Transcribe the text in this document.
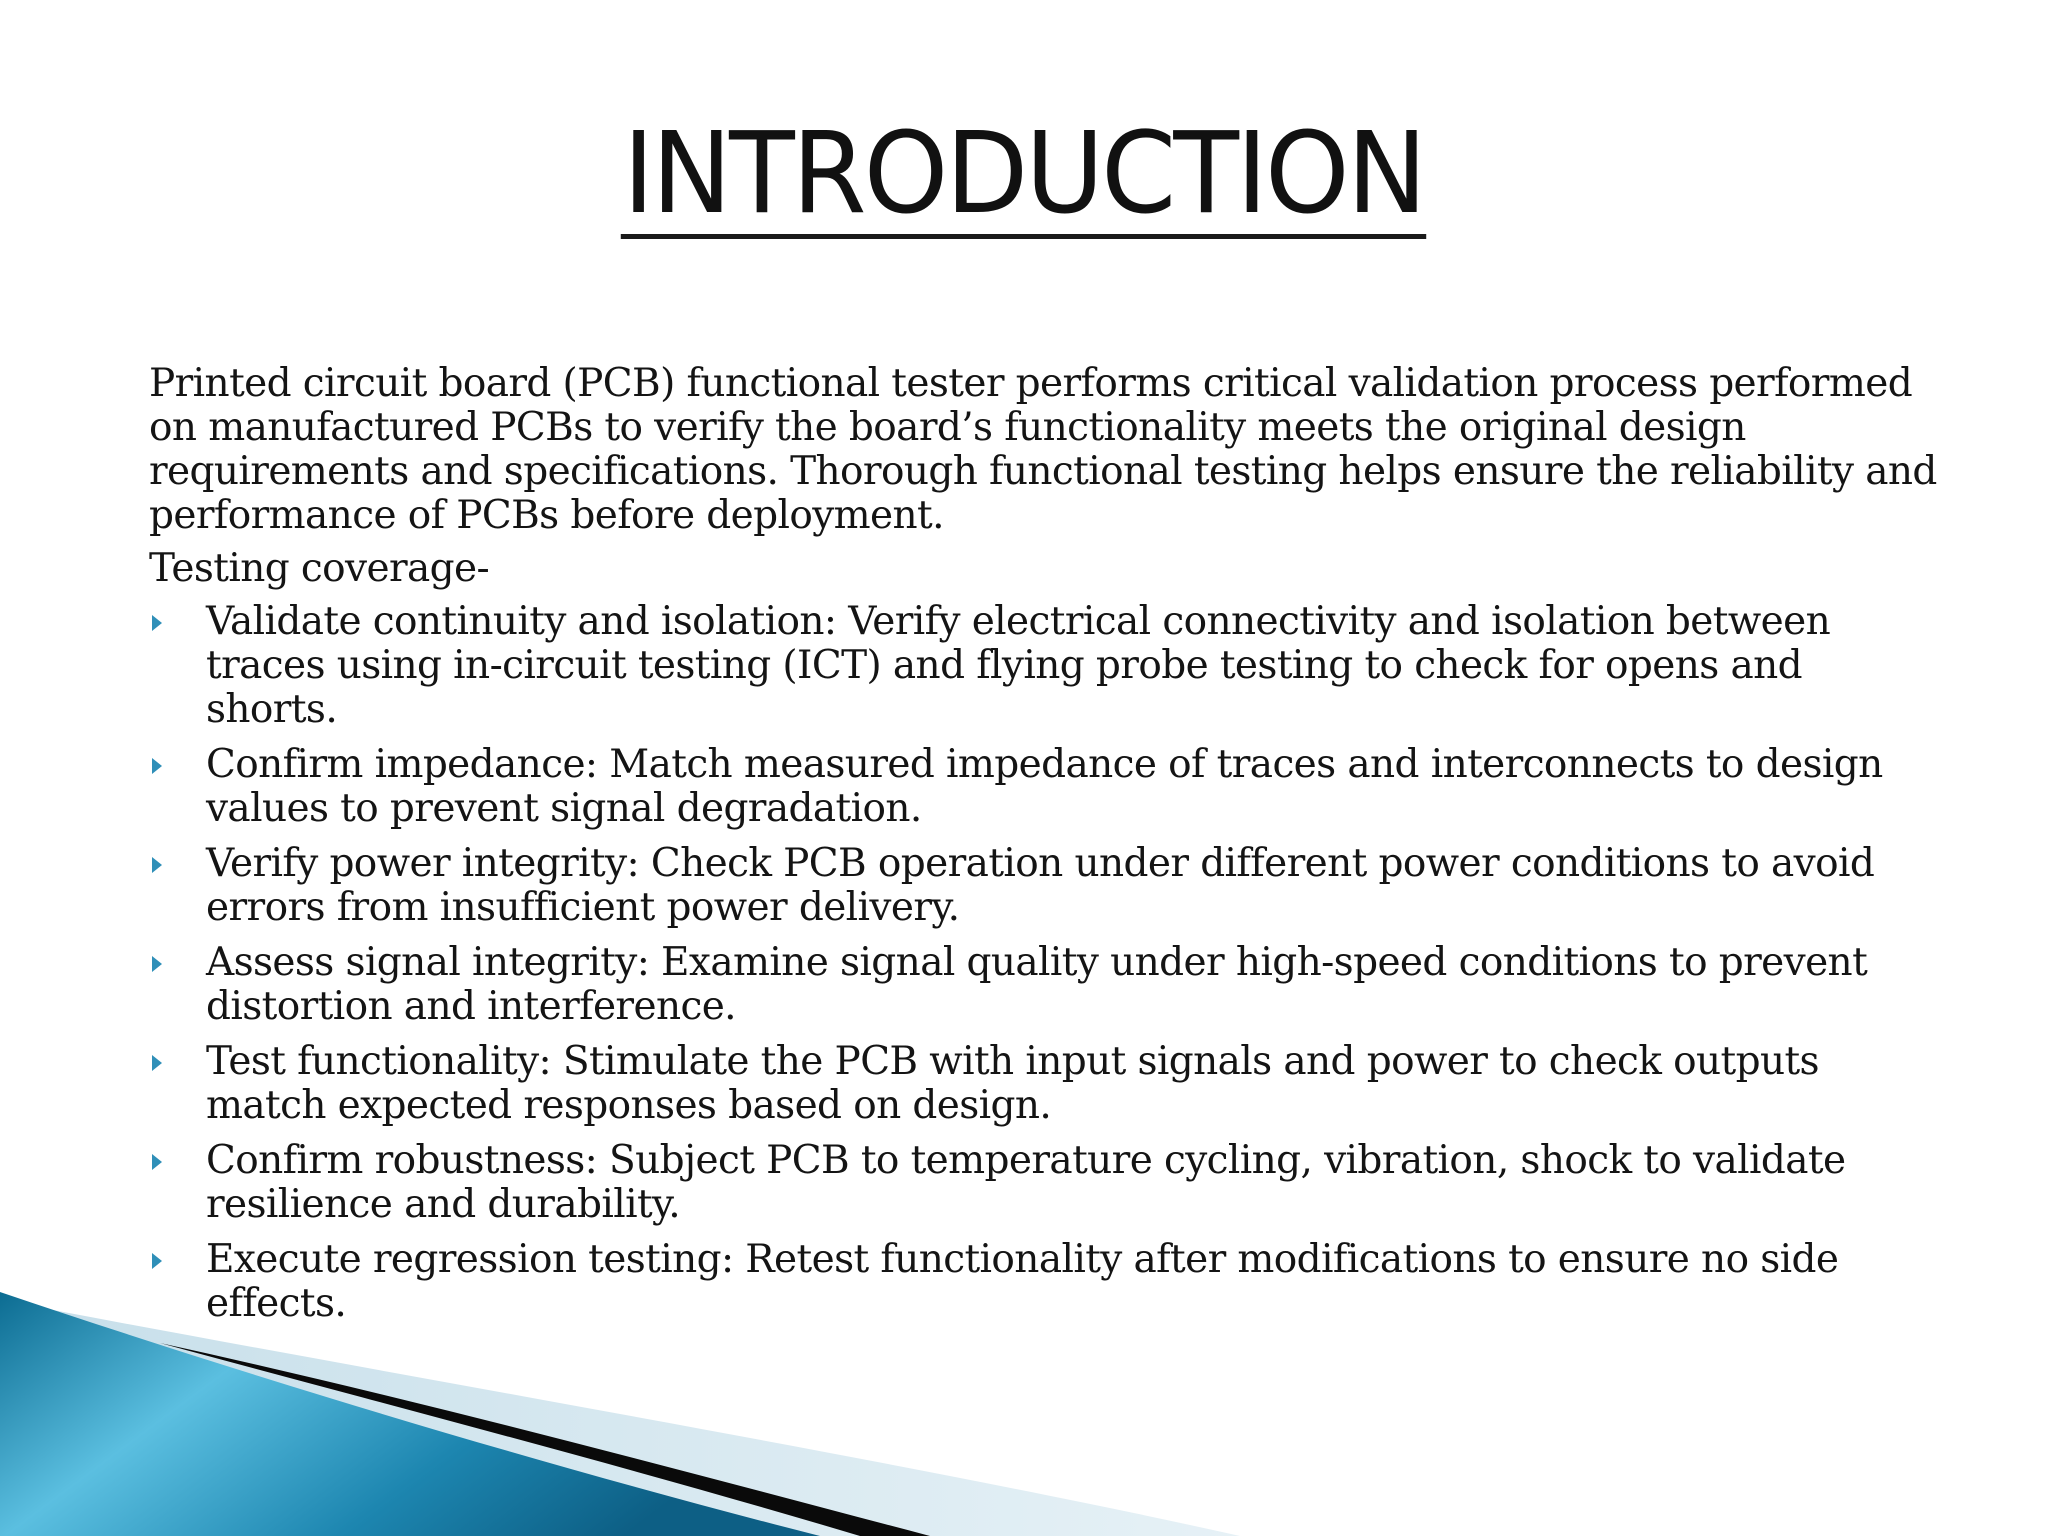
INTRODUCTION

Printed circuit board (PCB) functional tester performs critical validation process performed on manufactured PCBs to verify the board’s functionality meets the original design requirements and specifications. Thorough functional testing helps ensure the reliability and performance of PCBs before deployment.

Testing coverage-

Validate continuity and isolation: Verify electrical connectivity and isolation between traces using in-circuit testing (ICT) and flying probe testing to check for opens and shorts.
Confirm impedance: Match measured impedance of traces and interconnects to design values to prevent signal degradation.
Verify power integrity: Check PCB operation under different power conditions to avoid errors from insufficient power delivery.
Assess signal integrity: Examine signal quality under high-speed conditions to prevent distortion and interference.
Test functionality: Stimulate the PCB with input signals and power to check outputs match expected responses based on design.
Confirm robustness: Subject PCB to temperature cycling, vibration, shock to validate resilience and durability.
Execute regression testing: Retest functionality after modifications to ensure no side effects.
